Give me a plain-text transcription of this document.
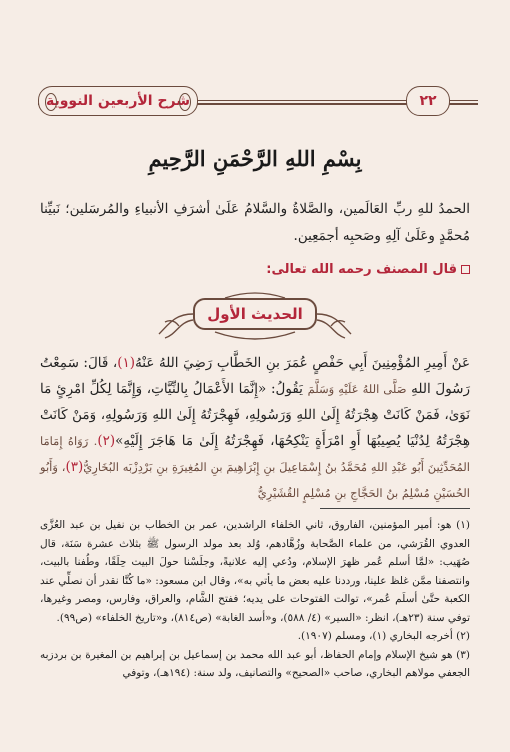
شرح الأربعين النووية	٢٢
بِسْمِ اللهِ الرَّحْمَنِ الرَّحِيمِ

الحمدُ للهِ ربِّ العَالَمين، والصَّلاةُ والسَّلامُ عَلَىٰ أشرَفِ الأنبياءِ والمُرسَلين؛ نَبيِّنا مُحمَّدٍ وعَلَىٰ آلِهِ وصَحبِه أجمَعِين.

قال المصنف رحمه الله تعالى:
الحديث الأول

عَنْ أَمِيرِ المُؤْمِنِينَ أَبِي حَفْصٍ عُمَرَ بنِ الخَطَّابِ رَضِيَ اللهُ عَنْهُ(١)، قَالَ: سَمِعْتُ رَسُولَ اللهِ صَلَّى اللهُ عَلَيْهِ وَسَلَّمَ يَقُولُ: «إِنَّمَا الأَعْمَالُ بِالنِّيَّاتِ، وَإِنَّمَا لِكُلِّ امْرِئٍ مَا نَوَىٰ، فَمَنْ كَانَتْ هِجْرَتُهُ إِلَىٰ اللهِ وَرَسُولِهِ، فَهِجْرَتُهُ إِلَىٰ اللهِ وَرَسُولِهِ، وَمَنْ كَانَتْ هِجْرَتُهُ لِدُنْيَا يُصِيبُهَا أَوِ امْرَأَةٍ يَنْكِحُهَا، فَهِجْرَتُهُ إِلَىٰ مَا هَاجَرَ إِلَيْهِ»(٢). رَوَاهُ إِمَامَا المُحَدِّثِينَ أَبُو عَبْدِ اللهِ مُحَمَّدُ بنُ إِسْمَاعِيلَ بنِ إِبْرَاهِيمَ بنِ المُغِيرَةِ بنِ بَرْدِزْبَه البُخَارِيُّ(٣)، وَأَبُو الحُسَيْنِ مُسْلِمُ بنُ الحَجَّاجِ بنِ مُسْلِمٍ القُشَيْرِيُّ

(١) هو: أمير المؤمنين، الفاروق، ثاني الخلفاء الراشدين، عمر بن الخطاب بن نفيل بن عبد العُزَّى العدوي القُرَشي، من علماء الصَّحابة وزُهَّادهم، وُلد بعد مولد الرسول ﷺ بثلاث عشرة سَنَة، قال صُهَيب: «لمَّا أسلم عُمر ظهرَ الإسلام، ودُعي إليه علانيةً، وجلَسْنا حولَ البيت حِلَقًا، وطُفنا بالبيت، وانتصفنا ممَّن غلظ علينا، ورددنا عليه بعض ما يأتي به»، وقال ابن مسعود: «ما كُنَّا نقدر أن نصلِّي عند الكعبة حتَّىٰ أسلَم عُمر»، توالت الفتوحات على يديه؛ ففتح الشَّام، والعراق، وفارس، ومصر وغيرها، توفي سنة (٢٣هـ)، انظر: «السير» (٤/ ٥٨٨)، و«أسد الغابة» (ص٨١٤)، و«تاريخ الخلفاء» (ص٩٩).

(٢) أخرجه البخاري (١)، ومسلم (١٩٠٧).

(٣) هو شيخ الإسلام وإمام الحفاظ، أبو عبد الله محمد بن إسماعيل بن إبراهيم بن المغيرة بن بردزبه الجعفي مولاهم البخاري، صاحب «الصحيح» والتصانيف، ولد سنة: (١٩٤هـ)، وتوفي
